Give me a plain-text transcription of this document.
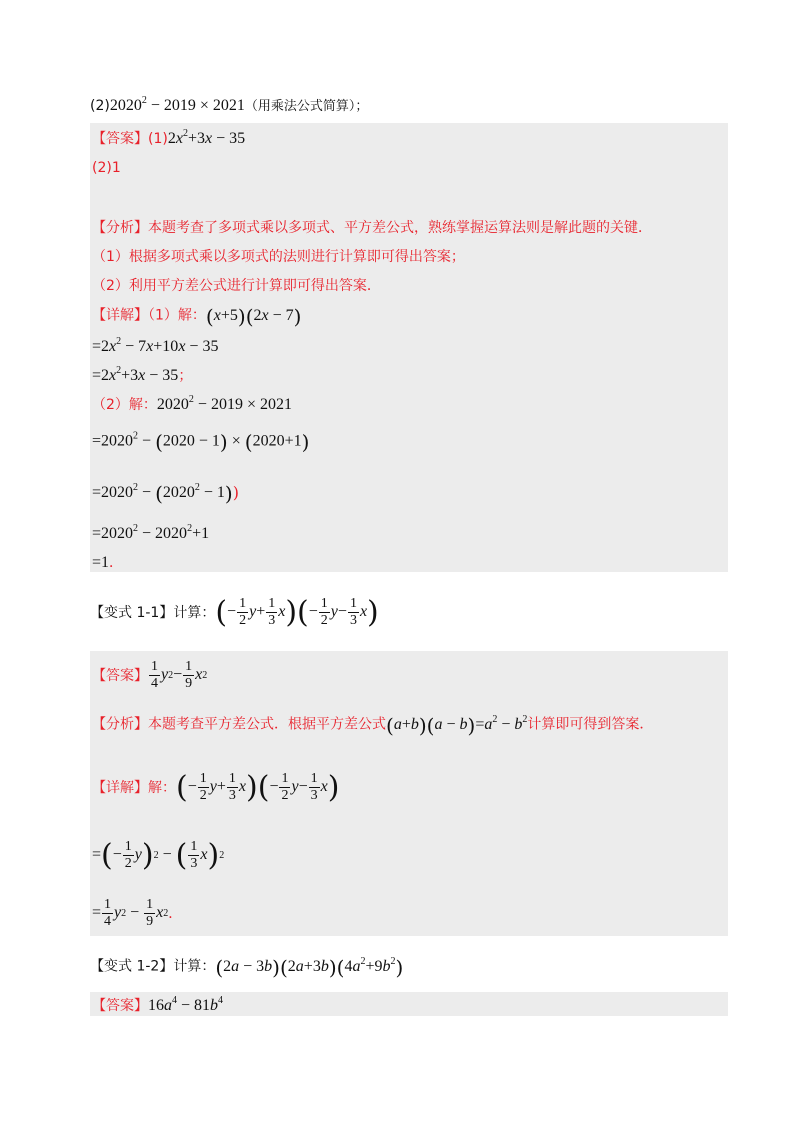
$(2)2020^2 - 2019 \times 2021$（用乘法公式简算）；
【答案】$(1)2x^2+3x - 35$
(2)1
【分析】本题考查了多项式乘以多项式、平方差公式，熟练掌握运算法则是解此题的关键．
（1）根据多项式乘以多项式的法则进行计算即可得出答案；
（2）利用平方差公式进行计算即可得出答案．
【详解】（1）解：(x+5)(2x − 7)
$=2x^2 - 7x+10x - 35$
$=2x^2+3x - 35$；
（2）解：$2020^2 - 2019 \times 2021$
$=2020^2 - (2020 - 1) \times (2020+1)$
$=2020^2 - (2020^2 - 1)$)
$=2020^2 - 2020^2+1$
=1．
【变式 1-1】 计算： ( − $\frac{1}{2}$ $y + \frac{1}{3}$ x ) ( − $\frac{1}{2}$ $y - \frac{1}{3}$ x )
【答案】 $\frac{1}{4}$ y $2 - \frac{1}{9}$ x 2
【分析】本题考查平方差公式．根据平方差公式$(a+b)(a - b)=a^2 - b^2$计算即可得到答案．
【详解】 解： ( − $\frac{1}{2}$ $y + \frac{1}{3}$ x ) ( − $\frac{1}{2}$ $y - \frac{1}{3}$ x )
= ( − $\frac{1}{2}$ y ) 2 − ( $\frac{1}{3}$ x ) 2
= $\frac{1}{4}$ y $2 - \frac{1}{9}$ x 2 ．
【变式 1-2】计算：$(2a - 3b)(2a+3b)(4a^2+9b^2)$
【答案】$16a^4 - 81b^4$
